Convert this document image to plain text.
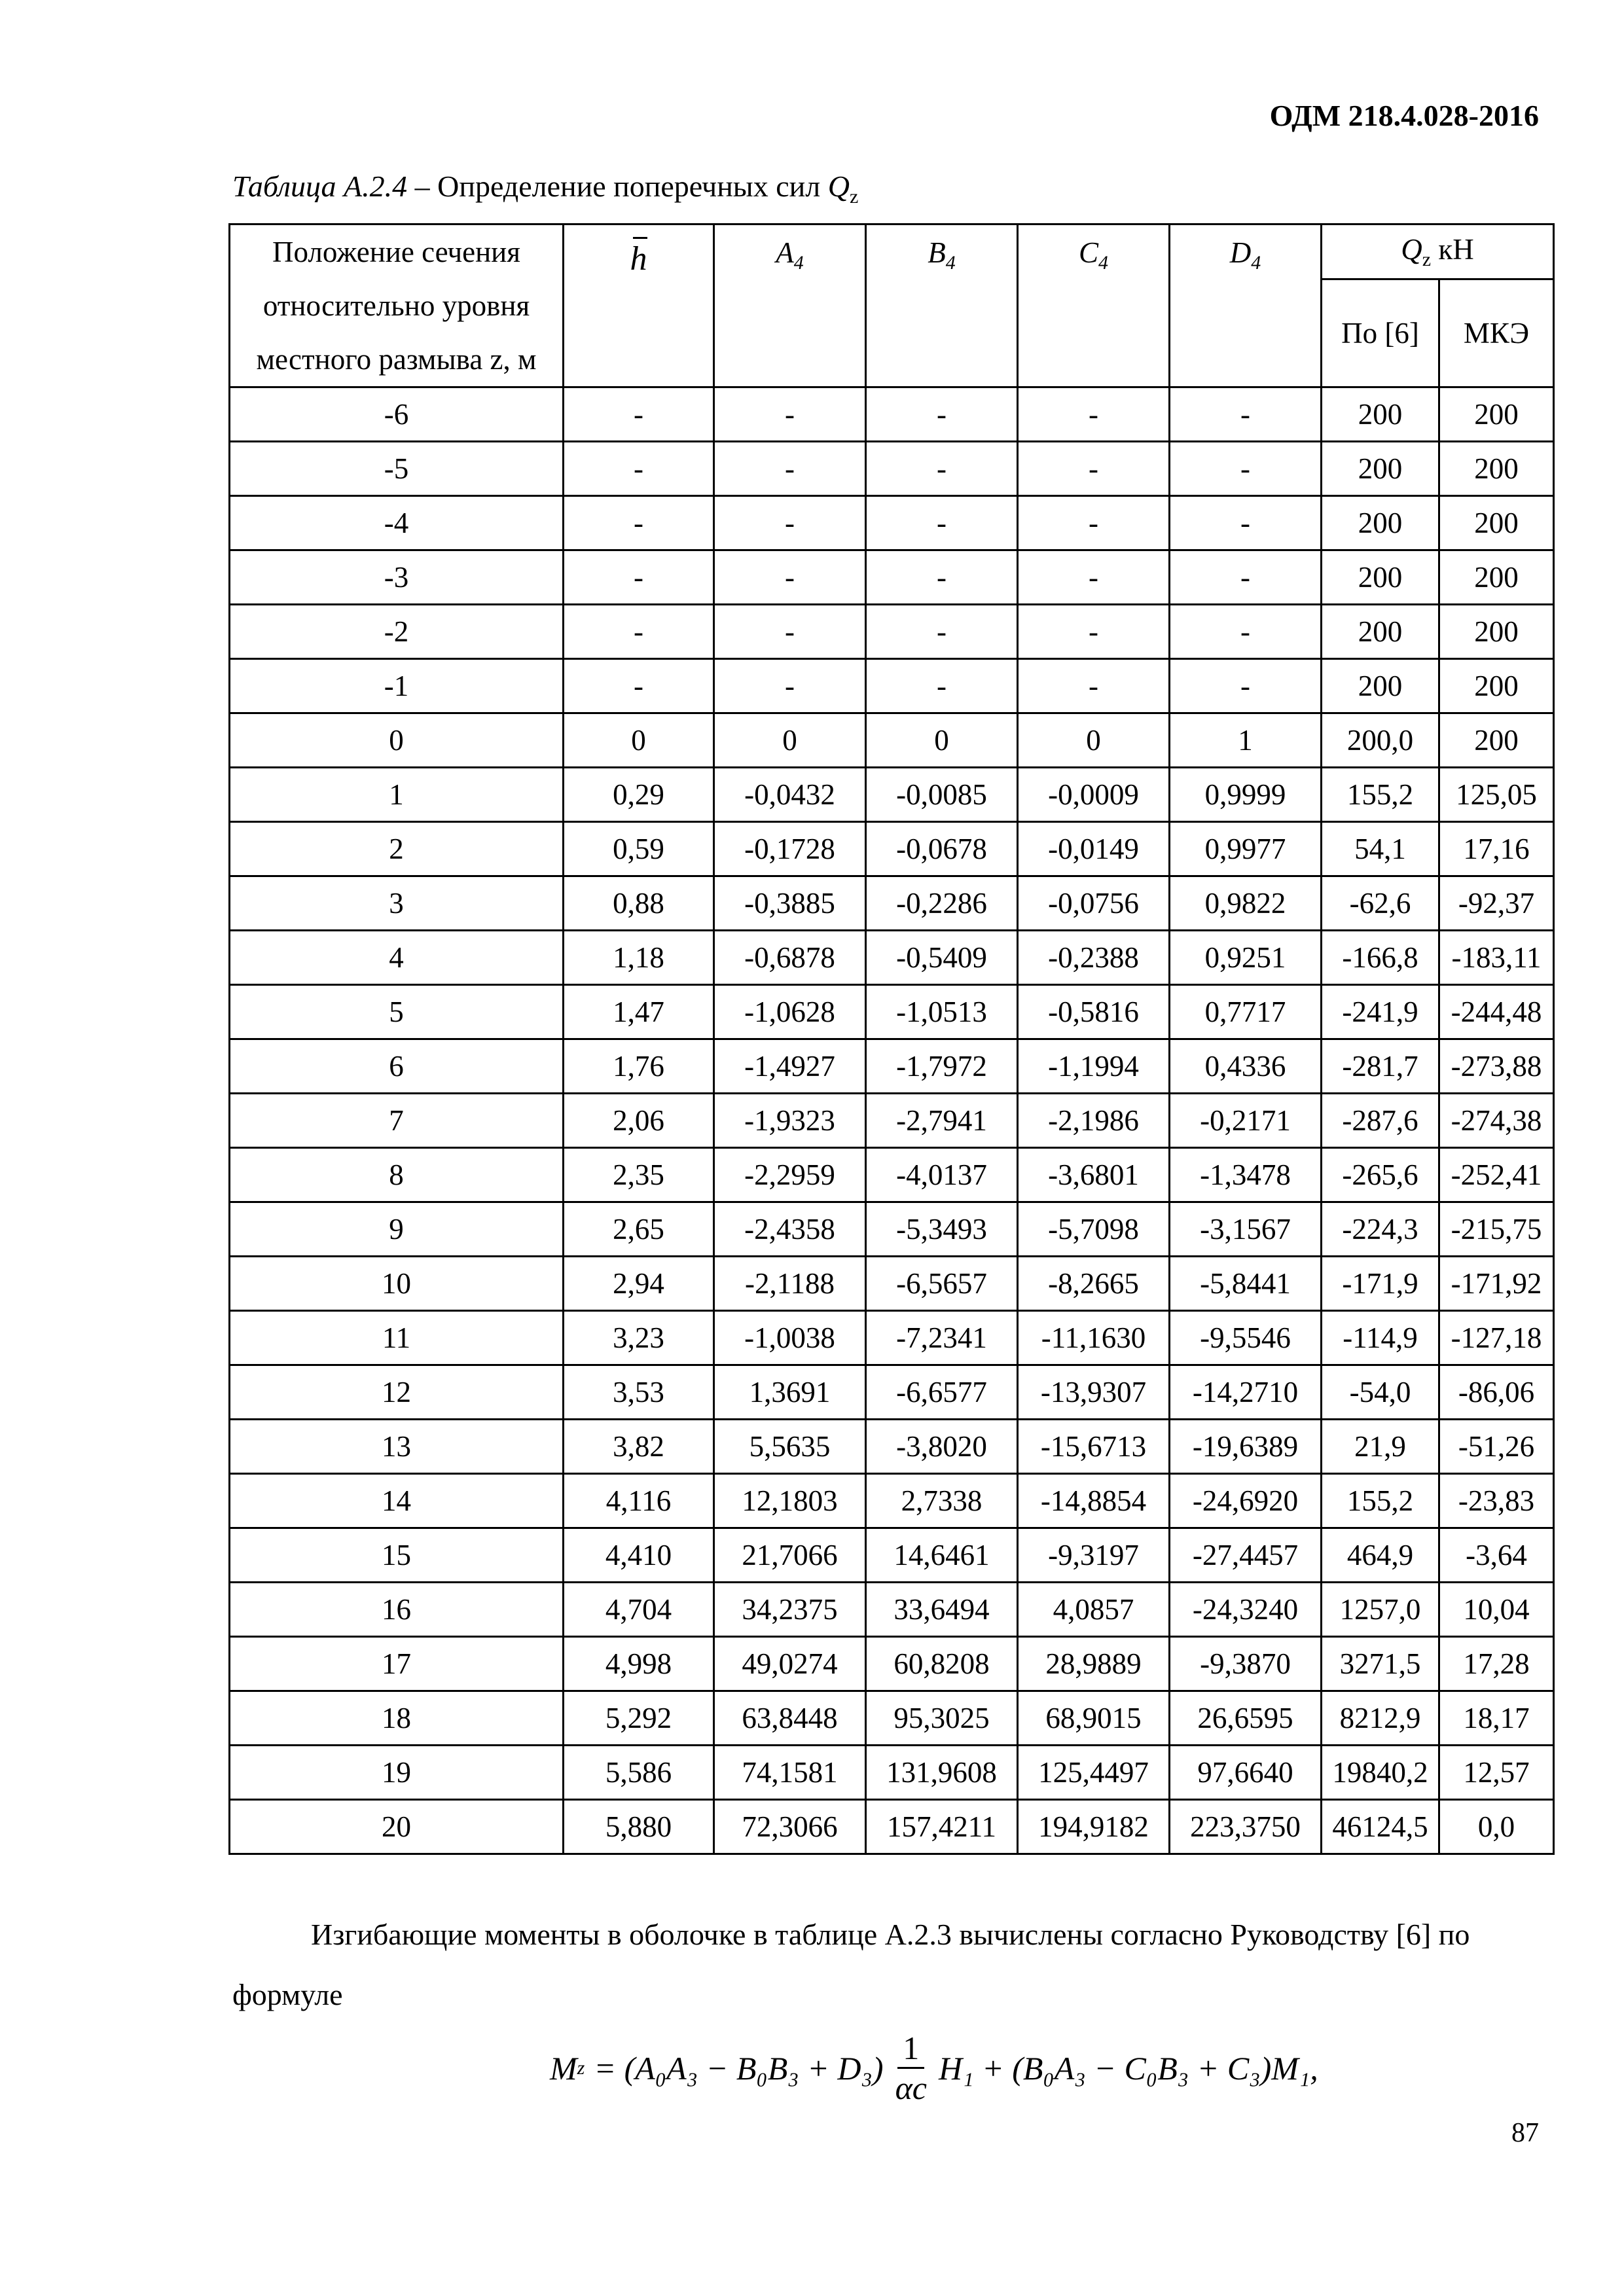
ОДМ 218.4.028-2016
Таблица А.2.4 – Определение поперечных сил $Q_z$
Положение сечения относительно уровня местного размыва z, м	h	$A_4$	$B_4$	$C_4$	$D_4$	$Q_z$ кН	
						По [6]	МКЭ
-6	-	-	-	-	-	200	200
-5	-	-	-	-	-	200	200
-4	-	-	-	-	-	200	200
-3	-	-	-	-	-	200	200
-2	-	-	-	-	-	200	200
-1	-	-	-	-	-	200	200
0	0	0	0	0	1	200,0	200
1	0,29	-0,0432	-0,0085	-0,0009	0,9999	155,2	125,05
2	0,59	-0,1728	-0,0678	-0,0149	0,9977	54,1	17,16
3	0,88	-0,3885	-0,2286	-0,0756	0,9822	-62,6	-92,37
4	1,18	-0,6878	-0,5409	-0,2388	0,9251	-166,8	-183,11
5	1,47	-1,0628	-1,0513	-0,5816	0,7717	-241,9	-244,48
6	1,76	-1,4927	-1,7972	-1,1994	0,4336	-281,7	-273,88
7	2,06	-1,9323	-2,7941	-2,1986	-0,2171	-287,6	-274,38
8	2,35	-2,2959	-4,0137	-3,6801	-1,3478	-265,6	-252,41
9	2,65	-2,4358	-5,3493	-5,7098	-3,1567	-224,3	-215,75
10	2,94	-2,1188	-6,5657	-8,2665	-5,8441	-171,9	-171,92
11	3,23	-1,0038	-7,2341	-11,1630	-9,5546	-114,9	-127,18
12	3,53	1,3691	-6,6577	-13,9307	-14,2710	-54,0	-86,06
13	3,82	5,5635	-3,8020	-15,6713	-19,6389	21,9	-51,26
14	4,116	12,1803	2,7338	-14,8854	-24,6920	155,2	-23,83
15	4,410	21,7066	14,6461	-9,3197	-27,4457	464,9	-3,64
16	4,704	34,2375	33,6494	4,0857	-24,3240	1257,0	10,04
17	4,998	49,0274	60,8208	28,9889	-9,3870	3271,5	17,28
18	5,292	63,8448	95,3025	68,9015	26,6595	8212,9	18,17
19	5,586	74,1581	131,9608	125,4497	97,6640	19840,2	12,57
20	5,880	72,3066	157,4211	194,9182	223,3750	46124,5	0,0
Изгибающие моменты в оболочке в таблице А.2.3 вычислены согласно Руководству [6] по формуле
M $z = (A_0A_3 - B_0B_3 + D_3) \frac{1}{\alpha c} H_1 + (B_0A_3 - C_0B_3 + C_3)M_1$,
87
